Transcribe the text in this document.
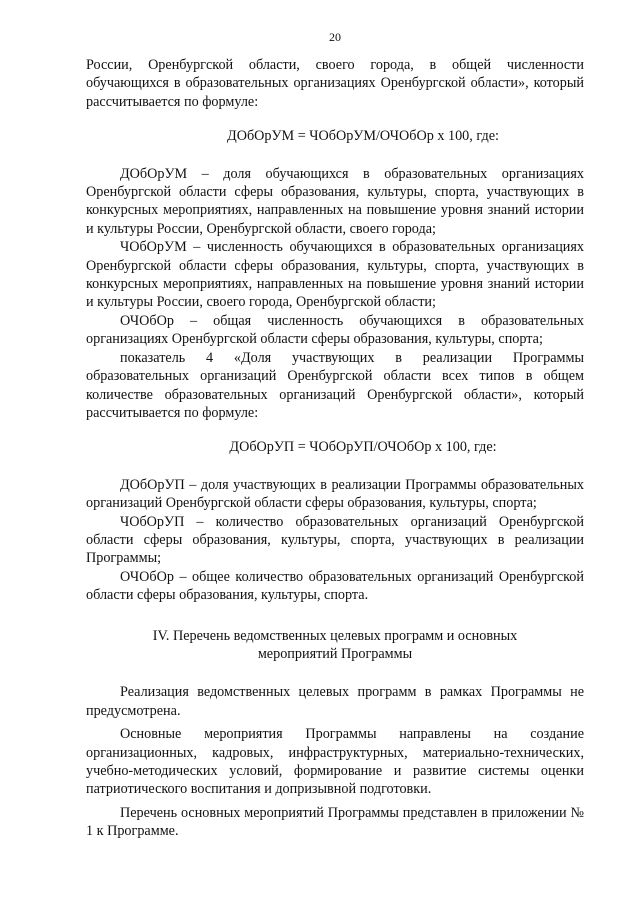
20

России, Оренбургской области, своего города, в общей численности обучающихся в образовательных организациях Оренбургской области», который рассчитывается по формуле:

ДОбОрУМ = ЧОбОрУМ/ОЧОбОр х 100, где:

ДОбОрУМ – доля обучающихся в образовательных организациях Оренбургской области сферы образования, культуры, спорта, участвующих в конкурсных мероприятиях, направленных на повышение уровня знаний истории и культуры России, Оренбургской области, своего города;

ЧОбОрУМ – численность обучающихся в образовательных организациях Оренбургской области сферы образования, культуры, спорта, участвующих в конкурсных мероприятиях, направленных на повышение уровня знаний истории и культуры России, своего города, Оренбургской области;

ОЧОбОр – общая численность обучающихся в образовательных организациях Оренбургской области сферы образования, культуры, спорта;

показатель 4 «Доля участвующих в реализации Программы образовательных организаций Оренбургской области всех типов в общем количестве образовательных организаций Оренбургской области», который рассчитывается по формуле:

ДОбОрУП = ЧОбОрУП/ОЧОбОр х 100, где:

ДОбОрУП – доля участвующих в реализации Программы образовательных организаций Оренбургской области сферы образования, культуры, спорта;

ЧОбОрУП – количество образовательных организаций Оренбургской области сферы образования, культуры, спорта, участвующих в реализации Программы;

ОЧОбОр – общее количество образовательных организаций Оренбургской области сферы образования, культуры, спорта.

IV. Перечень ведомственных целевых программ и основных
мероприятий Программы

Реализация ведомственных целевых программ в рамках Программы не предусмотрена.

Основные мероприятия Программы направлены на создание организационных, кадровых, инфраструктурных, материально-технических, учебно-методических условий, формирование и развитие системы оценки патриотического воспитания и допризывной подготовки.

Перечень основных мероприятий Программы представлен в приложении № 1 к Программе.
